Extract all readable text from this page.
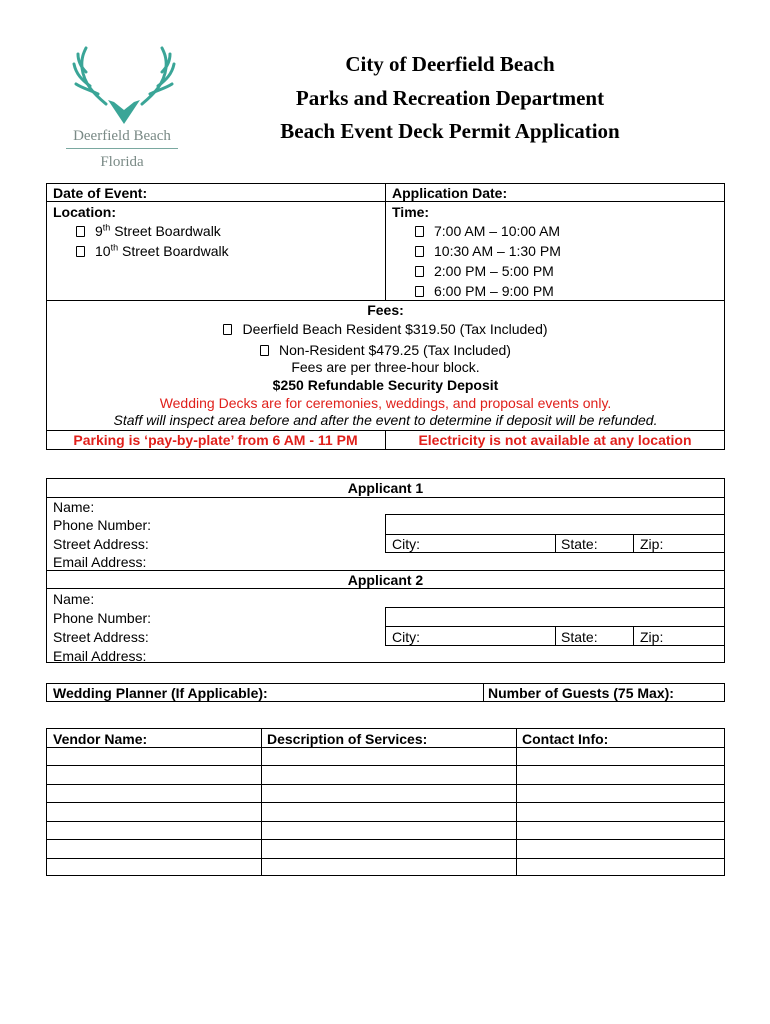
Deerfield Beach
Florida
City of Deerfield Beach
Parks and Recreation Department
Beach Event Deck Permit Application
Date of Event:	Application Date:
Location:	Time:
9th Street Boardwalk
10th Street Boardwalk
7:00 AM – 10:00 AM
10:30 AM – 1:30 PM
2:00 PM – 5:00 PM
6:00 PM – 9:00 PM
Fees:
Deerfield Beach Resident $319.50 (Tax Included)
Non-Resident $479.25 (Tax Included)
Fees are per three-hour block.
$250 Refundable Security Deposit
Wedding Decks are for ceremonies, weddings, and proposal events only.
Staff will inspect area before and after the event to determine if deposit will be refunded.
Parking is ‘pay-by-plate’ from 6 AM - 11 PM	Electricity is not available at any location
Applicant 1
Name:
Phone Number:
Street Address:	City:	State:	Zip:
Email Address:
Applicant 2
Name:
Phone Number:
Street Address:	City:	State:	Zip:
Email Address:
Wedding Planner (If Applicable):	Number of Guests (75 Max):
Vendor Name:	Description of Services:	Contact Info:
